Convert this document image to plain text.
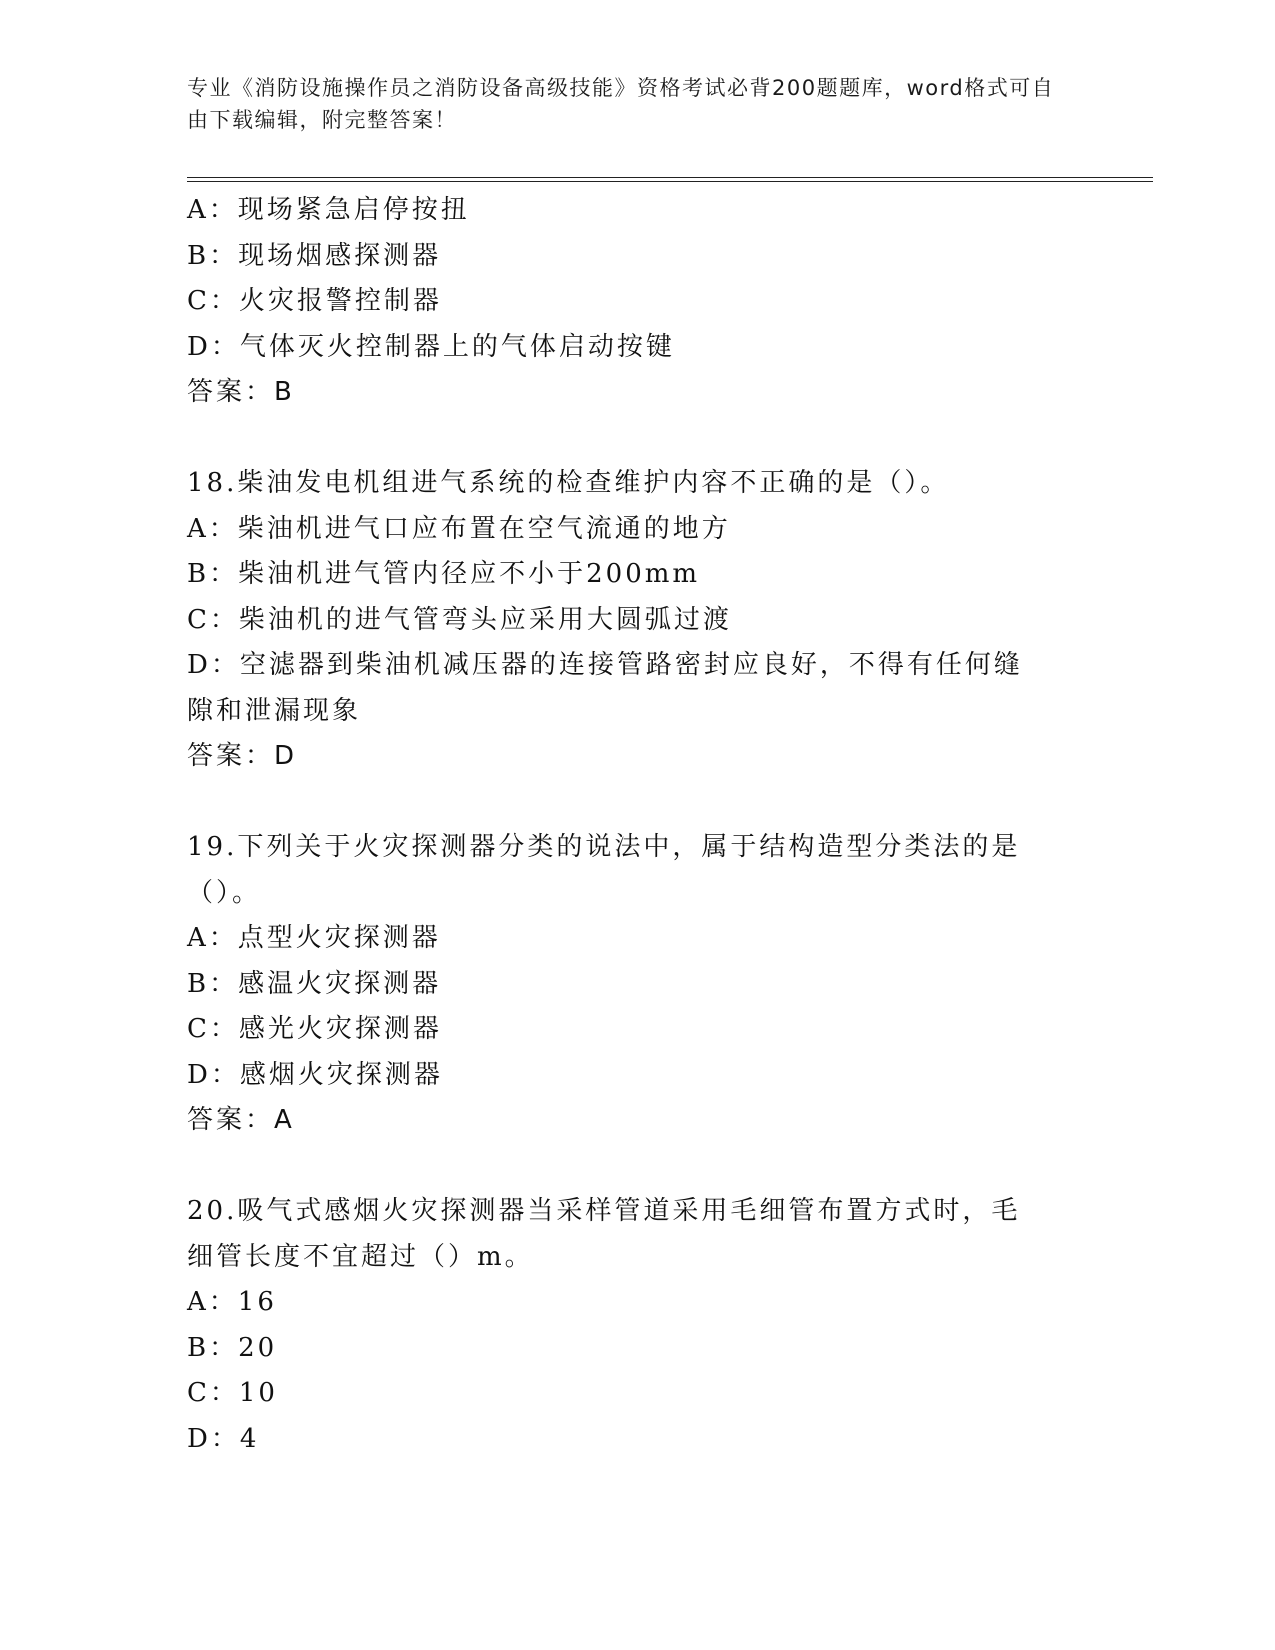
专业《消防设施操作员之消防设备高级技能》资格考试必背200题题库，word格式可自由下载编辑，附完整答案！
A：现场紧急启停按扭
B：现场烟感探测器
C：火灾报警控制器
D：气体灭火控制器上的气体启动按键
答案：B
18.柴油发电机组进气系统的检查维护内容不正确的是（）。
A：柴油机进气口应布置在空气流通的地方
B：柴油机进气管内径应不小于200mm
C：柴油机的进气管弯头应采用大圆弧过渡
D：空滤器到柴油机减压器的连接管路密封应良好，不得有任何缝隙和泄漏现象
答案：D
19.下列关于火灾探测器分类的说法中，属于结构造型分类法的是（）。
A：点型火灾探测器
B：感温火灾探测器
C：感光火灾探测器
D：感烟火灾探测器
答案：A
20.吸气式感烟火灾探测器当采样管道采用毛细管布置方式时，毛细管长度不宜超过（）m。
A：16
B：20
C：10
D：4
